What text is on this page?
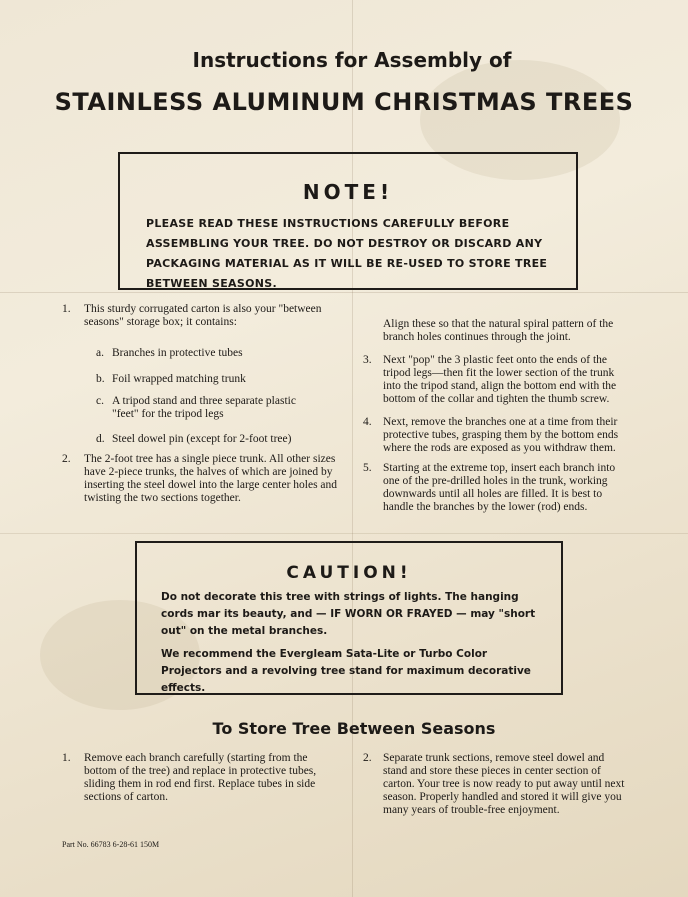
Instructions for Assembly of
STAINLESS ALUMINUM CHRISTMAS TREES
NOTE!
PLEASE READ THESE INSTRUCTIONS CAREFULLY BEFORE ASSEMBLING YOUR TREE. DO NOT DESTROY OR DISCARD ANY PACKAGING MATERIAL AS IT WILL BE RE-USED TO STORE TREE BETWEEN SEASONS.
1. This sturdy corrugated carton is also your "between seasons" storage box; it contains:
a. Branches in protective tubes
b. Foil wrapped matching trunk
c. A tripod stand and three separate plastic "feet" for the tripod legs
d. Steel dowel pin (except for 2-foot tree)
2. The 2-foot tree has a single piece trunk. All other sizes have 2-piece trunks, the halves of which are joined by inserting the steel dowel into the large center holes and twisting the two sections together.
Align these so that the natural spiral pattern of the branch holes continues through the joint.
3. Next "pop" the 3 plastic feet onto the ends of the tripod legs—then fit the lower section of the trunk into the tripod stand, align the bottom end with the bottom of the collar and tighten the thumb screw.
4. Next, remove the branches one at a time from their protective tubes, grasping them by the bottom ends where the rods are exposed as you withdraw them.
5. Starting at the extreme top, insert each branch into one of the pre-drilled holes in the trunk, working downwards until all holes are filled. It is best to handle the branches by the lower (rod) ends.
CAUTION!

Do not decorate this tree with strings of lights. The hanging cords mar its beauty, and — IF WORN OR FRAYED — may "short out" on the metal branches.

We recommend the Evergleam Sata-Lite or Turbo Color Projectors and a revolving tree stand for maximum decorative effects.

To Store Tree Between Seasons
1. Remove each branch carefully (starting from the bottom of the tree) and replace in protective tubes, sliding them in rod end first. Replace tubes in side sections of carton.
2. Separate trunk sections, remove steel dowel and stand and store these pieces in center section of carton. Your tree is now ready to put away until next season. Properly handled and stored it will give you many years of trouble-free enjoyment.
Part No. 66783 6-28-61 150M
